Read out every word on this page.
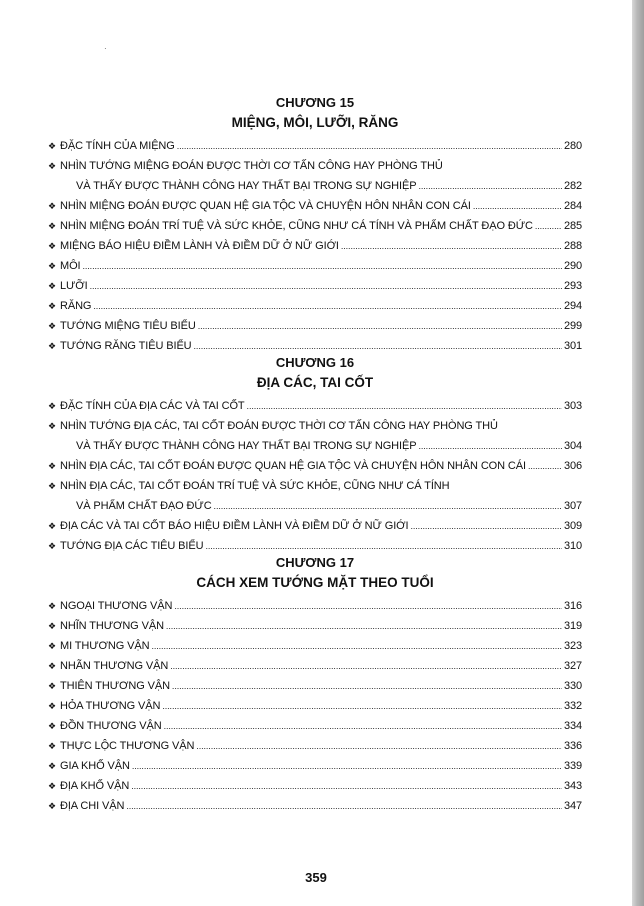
·
CHƯƠNG 15
MIỆNG, MÔI, LƯỠI, RĂNG
❖ ĐẶC TÍNH CỦA MIỆNG .....	280
❖ NHÌN TƯỚNG MIỆNG ĐOÁN ĐƯỢC THỜI CƠ TẤN CÔNG HAY PHÒNG THỦ
VÀ THẤY ĐƯỢC THÀNH CÔNG HAY THẤT BẠI TRONG SỰ NGHIỆP .....	282
❖ NHÌN MIỆNG ĐOÁN ĐƯỢC QUAN HỆ GIA TỘC VÀ CHUYỆN HÔN NHÂN CON CÁI .....	284
❖ NHÌN MIỆNG ĐOÁN TRÍ TUỆ VÀ SỨC KHỎE, CŨNG NHƯ CÁ TÍNH VÀ PHẨM CHẤT ĐẠO ĐỨC .....	285
❖ MIỆNG BÁO HIỆU ĐIỀM LÀNH VÀ ĐIỀM DỮ Ở NỮ GIỚI .....	288
❖ MÔI .....	290
❖ LƯỠI .....	293
❖ RĂNG .....	294
❖ TƯỚNG MIỆNG TIÊU BIỂU .....	299
❖ TƯỚNG RĂNG TIÊU BIỂU .....	301
CHƯƠNG 16
ĐỊA CÁC, TAI CỐT
❖ ĐẶC TÍNH CỦA ĐỊA CÁC VÀ TAI CỐT .....	303
❖ NHÌN TƯỚNG ĐỊA CÁC, TAI CỐT ĐOÁN ĐƯỢC THỜI CƠ TẤN CÔNG HAY PHÒNG THỦ
VÀ THẤY ĐƯỢC THÀNH CÔNG HAY THẤT BẠI TRONG SỰ NGHIỆP .....	304
❖ NHÌN ĐỊA CÁC, TAI CỐT ĐOÁN ĐƯỢC QUAN HỆ GIA TỘC VÀ CHUYỆN HÔN NHÂN CON CÁI .....	306
❖ NHÌN ĐỊA CÁC, TAI CỐT ĐOÁN TRÍ TUỆ VÀ SỨC KHỎE, CŨNG NHƯ CÁ TÍNH
VÀ PHẨM CHẤT ĐẠO ĐỨC .....	307
❖ ĐỊA CÁC VÀ TAI CỐT BÁO HIỆU ĐIỀM LÀNH VÀ ĐIỀM DỮ Ở NỮ GIỚI .....	309
❖ TƯỚNG ĐỊA CÁC TIÊU BIỂU .....	310
CHƯƠNG 17
CÁCH XEM TƯỚNG MẶT THEO TUỔI
❖ NGOẠI THƯƠNG VẬN .....	316
❖ NHĨN THƯƠNG VẬN .....	319
❖ MI THƯƠNG VẬN .....	323
❖ NHÃN THƯƠNG VẬN .....	327
❖ THIÊN THƯƠNG VẬN .....	330
❖ HỎA THƯƠNG VẬN .....	332
❖ ĐỒN THƯƠNG VẬN .....	334
❖ THỰC LỘC THƯƠNG VẬN .....	336
❖ GIA KHỐ VẬN .....	339
❖ ĐỊA KHỐ VẬN .....	343
❖ ĐỊA CHI VẬN .....	347
359
